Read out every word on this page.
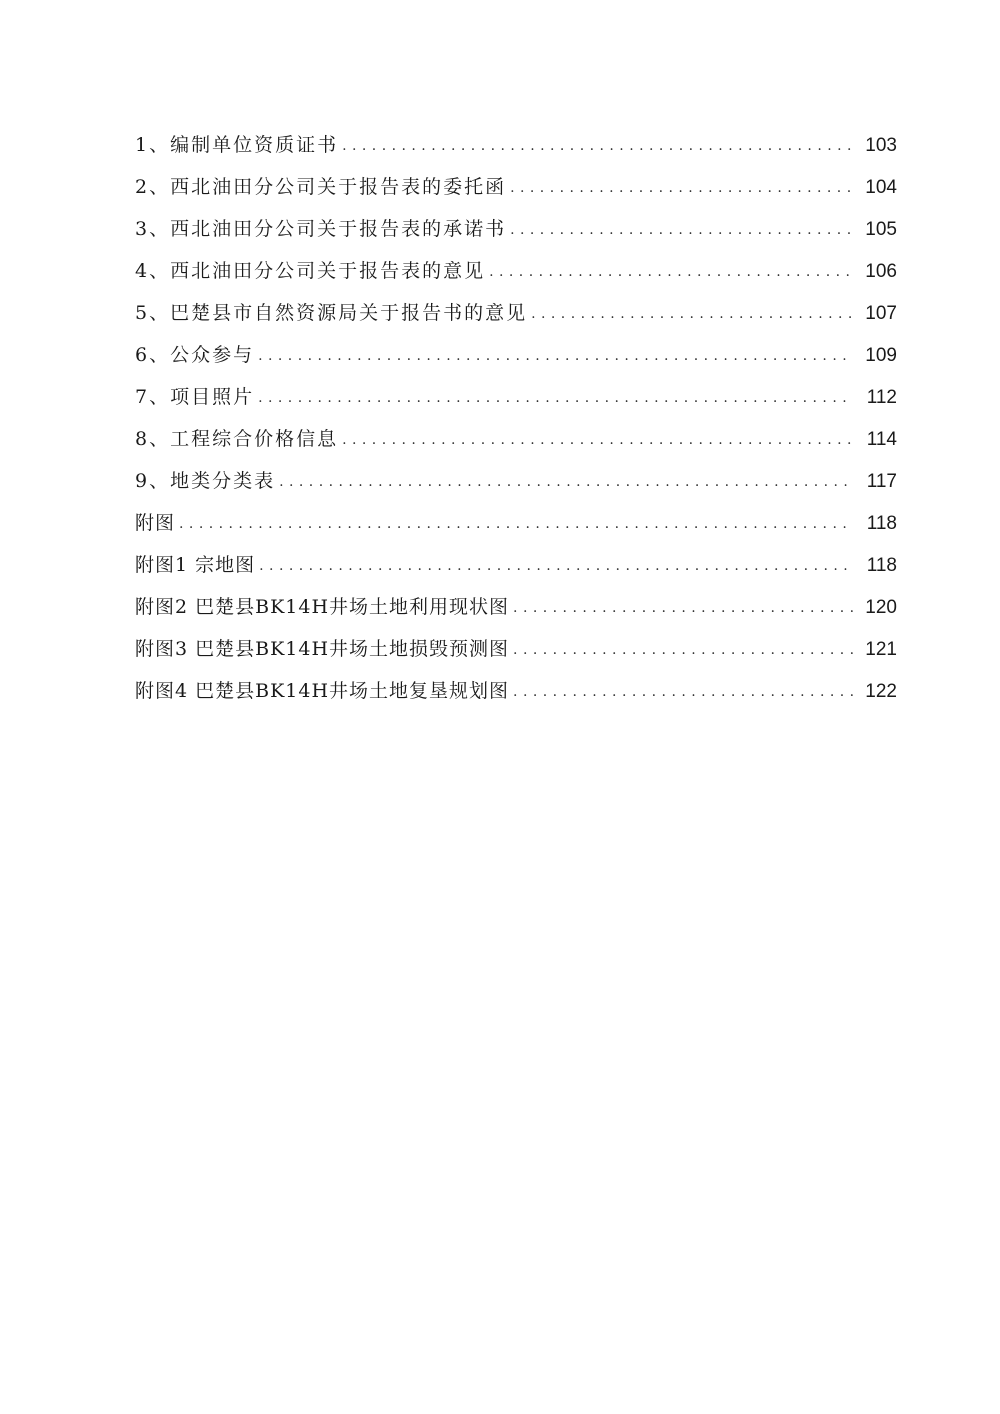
1、编制单位资质证书 . . .	103
2、西北油田分公司关于报告表的委托函 . . .	104
3、西北油田分公司关于报告表的承诺书 . . .	105
4、西北油田分公司关于报告表的意见 . . .	106
5、巴楚县市自然资源局关于报告书的意见 . . .	107
6、公众参与 . . .	109
7、项目照片 . . .	112
8、工程综合价格信息 . . .	114
9、地类分类表 . . .	117
附图 . . .	118
附图1 宗地图 . . .	118
附图2 巴楚县BK14H井场土地利用现状图 . . .	120
附图3 巴楚县BK14H井场土地损毁预测图 . . .	121
附图4 巴楚县BK14H井场土地复垦规划图 . . .	122
